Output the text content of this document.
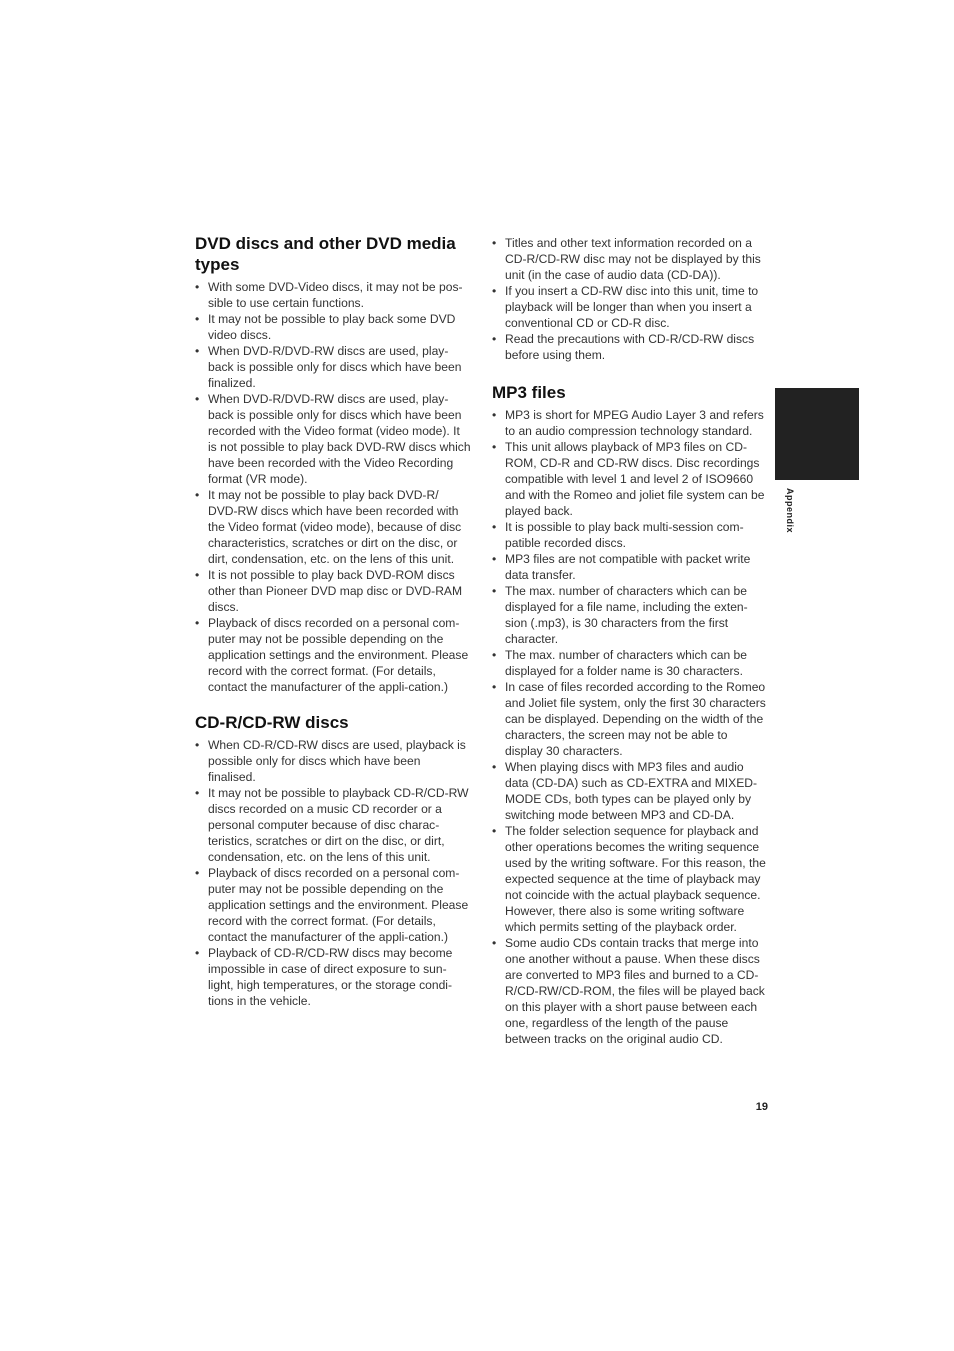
DVD discs and other DVD media types
• With some DVD-Video discs, it may not be pos-sible to use certain functions.
• It may not be possible to play back some DVD video discs.
• When DVD-R/DVD-RW discs are used, play-back is possible only for discs which have been finalized.
• When DVD-R/DVD-RW discs are used, play-back is possible only for discs which have been recorded with the Video format (video mode). It is not possible to play back DVD-RW discs which have been recorded with the Video Recording format (VR mode).
• It may not be possible to play back DVD-R/ DVD-RW discs which have been recorded with the Video format (video mode), because of disc characteristics, scratches or dirt on the disc, or dirt, condensation, etc. on the lens of this unit.
• It is not possible to play back DVD-ROM discs other than Pioneer DVD map disc or DVD-RAM discs.
• Playback of discs recorded on a personal com-puter may not be possible depending on the application settings and the environment. Please record with the correct format. (For details, contact the manufacturer of the appli-cation.)
CD-R/CD-RW discs
• When CD-R/CD-RW discs are used, playback is possible only for discs which have been finalised.
• It may not be possible to playback CD-R/CD-RW discs recorded on a music CD recorder or a personal computer because of disc charac-teristics, scratches or dirt on the disc, or dirt, condensation, etc. on the lens of this unit.
• Playback of discs recorded on a personal com-puter may not be possible depending on the application settings and the environment. Please record with the correct format. (For details, contact the manufacturer of the appli-cation.)
• Playback of CD-R/CD-RW discs may become impossible in case of direct exposure to sun-light, high temperatures, or the storage condi-tions in the vehicle.
• Titles and other text information recorded on a CD-R/CD-RW disc may not be displayed by this unit (in the case of audio data (CD-DA)).
• If you insert a CD-RW disc into this unit, time to playback will be longer than when you insert a conventional CD or CD-R disc.
• Read the precautions with CD-R/CD-RW discs before using them.
MP3 files
• MP3 is short for MPEG Audio Layer 3 and refers to an audio compression technology standard.
• This unit allows playback of MP3 files on CD-ROM, CD-R and CD-RW discs. Disc recordings compatible with level 1 and level 2 of ISO9660 and with the Romeo and joliet file system can be played back.
• It is possible to play back multi-session com-patible recorded discs.
• MP3 files are not compatible with packet write data transfer.
• The max. number of characters which can be displayed for a file name, including the exten-sion (.mp3), is 30 characters from the first character.
• The max. number of characters which can be displayed for a folder name is 30 characters.
• In case of files recorded according to the Romeo and Joliet file system, only the first 30 characters can be displayed. Depending on the width of the characters, the screen may not be able to display 30 characters.
• When playing discs with MP3 files and audio data (CD-DA) such as CD-EXTRA and MIXED-MODE CDs, both types can be played only by switching mode between MP3 and CD-DA.
• The folder selection sequence for playback and other operations becomes the writing sequence used by the writing software. For this reason, the expected sequence at the time of playback may not coincide with the actual playback sequence. However, there also is some writing software which permits setting of the playback order.
• Some audio CDs contain tracks that merge into one another without a pause. When these discs are converted to MP3 files and burned to a CD-R/CD-RW/CD-ROM, the files will be played back on this player with a short pause between each one, regardless of the length of the pause between tracks on the original audio CD.
Appendix
19
